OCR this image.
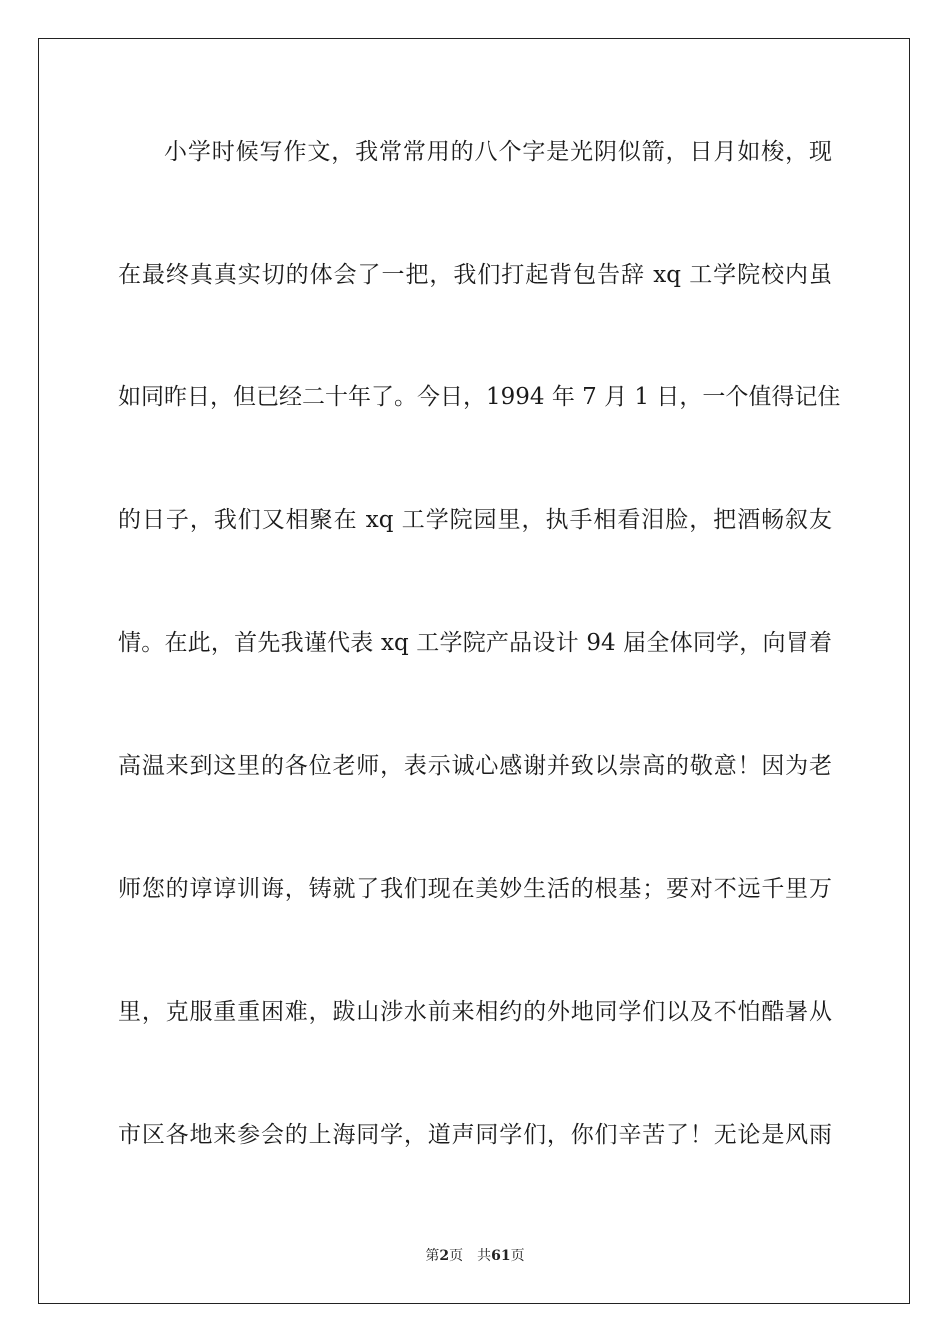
小学时候写作文，我常常用的八个字是光阴似箭，日月如梭，现
在最终真真实切的体会了一把，我们打起背包告辞 xq 工学院校内虽
如同昨日，但已经二十年了。今日，1994 年 7 月 1 日，一个值得记住
的日子，我们又相聚在 xq 工学院园里，执手相看泪脸，把酒畅叙友
情。在此，首先我谨代表 xq 工学院产品设计 94 届全体同学，向冒着
高温来到这里的各位老师，表示诚心感谢并致以崇高的敬意！因为老
师您的谆谆训诲，铸就了我们现在美妙生活的根基；要对不远千里万
里，克服重重困难，跋山涉水前来相约的外地同学们以及不怕酷暑从
市区各地来参会的上海同学，道声同学们，你们辛苦了！无论是风雨
第2页 共61页
